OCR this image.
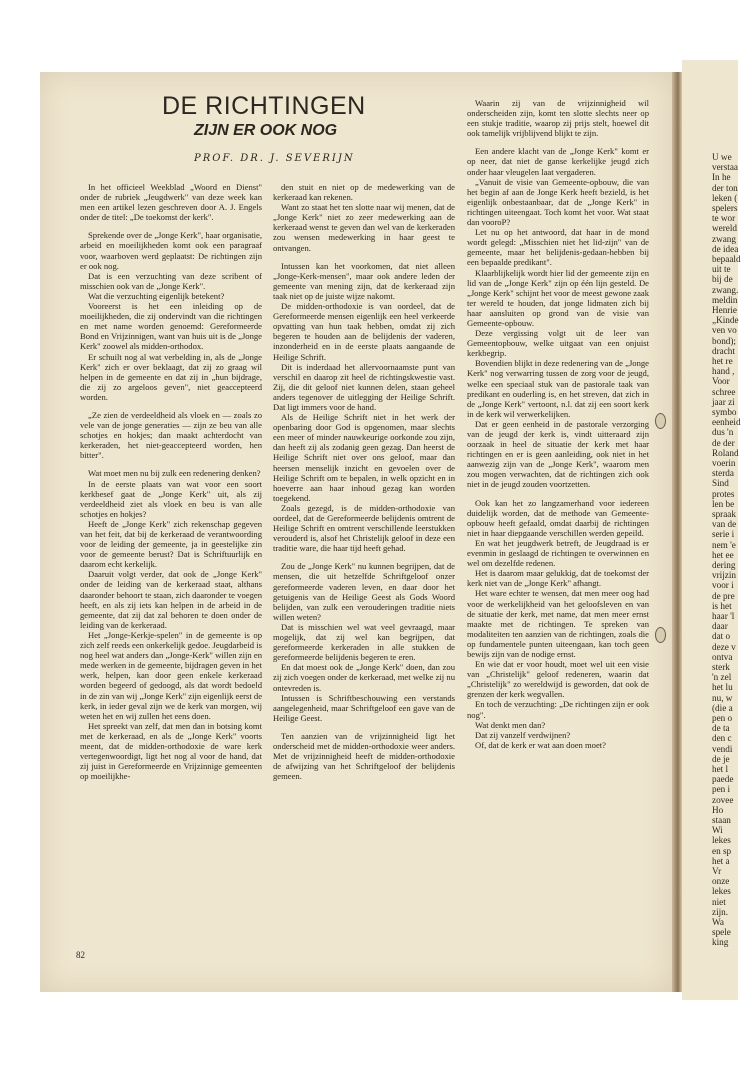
U we
verstaa
In he
der ton
leken (
spelers
te wor
wereld
zwang
de idea
bepaald
uit te
bij de
zwang.
meldin
Henrie
„Kinde
ven vo
bond);
dracht
het re
hand ,
Voor
schree
jaar zi
symbo
eenheid
dus 'n
de der
Roland
voerin
sterda
Sind
protes
len be
spraak
van de
serie i
nem 'e
het ee
dering
vrijzin
voor i
de pre
is het
haar 'l
daar
dat o
deze v
ontva
sterk
'n zel
het lu
nu, w
(die a
pen o
de ta
den c
vendi
de je
het l
paede
pen i
zovee
Ho
staan
Wi
lekes
en sp
het a
Vr
onze
lekes
niet
zijn.
Wa
spele
king
DE RICHTINGEN
ZIJN ER OOK NOG
PROF. DR. J. SEVERIJN

In het officieel Weekblad „Woord en Dienst" onder de rubriek „Jeugdwerk" van deze week kan men een artikel lezen geschreven door A. J. Engels onder de titel: „De toekomst der kerk".

Sprekende over de „Jonge Kerk", haar organisatie, arbeid en moeilijkheden komt ook een paragraaf voor, waarboven werd geplaatst: De richtingen zijn er ook nog.

Dat is een verzuchting van deze scribent of misschien ook van de „Jonge Kerk".

Wat die verzuchting eigenlijk betekent?

Vooreerst is het een inleiding op de moeilijkheden, die zij ondervindt van die richtingen en met name worden genoemd: Gereformeerde Bond en Vrijzinnigen, want van huis uit is de „Jonge Kerk" zoowel als midden-orthodox.

Er schuilt nog al wat verbelding in, als de „Jonge Kerk" zich er over beklaagt, dat zij zo graag wil helpen in de gemeente en dat zij in „hun bijdrage, die zij zo argeloos geven", niet geaccepteerd worden.

„Ze zien de verdeeldheid als vloek en — zoals zo vele van de jonge generaties — zijn ze beu van alle schotjes en hokjes; dan maakt achterdocht van kerkeraden, het niet-geaccepteerd worden, hen bitter".

Wat moet men nu bij zulk een redenering denken?

In de eerste plaats van wat voor een soort kerkbesef gaat de „Jonge Kerk" uit, als zij verdeeldheid ziet als vloek en beu is van alle schotjes en hokjes?

Heeft de „Jonge Kerk" zich rekenschap gegeven van het feit, dat bij de kerkeraad de verantwoording voor de leiding der gemeente, ja in geestelijke zin voor de gemeente berust? Dat is Schriftuurlijk en daarom echt kerkelijk.

Daaruit volgt verder, dat ook de „Jonge Kerk" onder de leiding van de kerkeraad staat, althans daaronder behoort te staan, zich daaronder te voegen heeft, en als zij iets kan helpen in de arbeid in de gemeente, dat zij dat zal behoren te doen onder de leiding van de kerkeraad.

Het „Jonge-Kerkje-spelen" in de gemeente is op zich zelf reeds een onkerkelijk gedoe. Jeugdarbeid is nog heel wat anders dan „Jonge-Kerk" willen zijn en mede werken in de gemeente, bijdragen geven in het werk, helpen, kan door geen enkele kerkeraad worden begeerd of gedoogd, als dat wordt bedoeld in de zin van wij „Jonge Kerk" zijn eigenlijk eerst de kerk, in ieder geval zijn we de kerk van morgen, wij weten het en wij zullen het eens doen.

Het spreekt van zelf, dat men dan in botsing komt met de kerkeraad, en als de „Jonge Kerk" voorts meent, dat de midden-orthodoxie de ware kerk vertegenwoordigt, ligt het nog al voor de hand, dat zij juist in Gereformeerde en Vrijzinnige gemeenten op moeilijkhe-

den stuit en niet op de medewerking van de kerkeraad kan rekenen.

Want zo staat het ten slotte naar wij menen, dat de „Jonge Kerk" niet zo zeer medewerking aan de kerkeraad wenst te geven dan wel van de kerkeraden zou wensen medewerking in haar geest te ontvangen.

Intussen kan het voorkomen, dat niet alleen „Jonge-Kerk-mensen", maar ook andere leden der gemeente van mening zijn, dat de kerkeraad zijn taak niet op de juiste wijze nakomt.

De midden-orthodoxie is van oordeel, dat de Gereformeerde mensen eigenlijk een heel verkeerde opvatting van hun taak hebben, omdat zij zich begeren te houden aan de belijdenis der vaderen, inzonderheid en in de eerste plaats aangaande de Heilige Schrift.

Dit is inderdaad het allervoornaamste punt van verschil en daarop zit heel de richtingskwestie vast. Zij, die dit geloof niet kunnen delen, staan geheel anders tegenover de uitlegging der Heilige Schrift. Dat ligt immers voor de hand.

Als de Heilige Schrift niet in het werk der openbaring door God is opgenomen, maar slechts een meer of minder nauwkeurige oorkonde zou zijn, dan heeft zij als zodanig geen gezag. Dan heerst de Heilige Schrift niet over ons geloof, maar dan heersen menselijk inzicht en gevoelen over de Heilige Schrift om te bepalen, in welk opzicht en in hoeverre aan haar inhoud gezag kan worden toegekend.

Zoals gezegd, is de midden-orthodoxie van oordeel, dat de Gereformeerde belijdenis omtrent de Heilige Schrift en omtrent verschillende leerstukken verouderd is, alsof het Christelijk geloof in deze een traditie ware, die haar tijd heeft gehad.

Zou de „Jonge Kerk" nu kunnen begrijpen, dat de mensen, die uit hetzelfde Schriftgeloof onzer gereformeerde vaderen leven, en daar door het getuigenis van de Heilige Geest als Gods Woord belijden, van zulk een verouderingen traditie niets willen weten?

Dat is misschien wel wat veel gevraagd, maar mogelijk, dat zij wel kan begrijpen, dat gereformeerde kerkeraden in alle stukken de gereformeerde belijdenis begeren te eren.

En dat moest ook de „Jonge Kerk" doen, dan zou zij zich voegen onder de kerkeraad, met welke zij nu ontevreden is.

Intussen is Schriftbeschouwing een verstands aangelegenheid, maar Schriftgeloof een gave van de Heilige Geest.

Ten aanzien van de vrijzinnigheid ligt het onderscheid met de midden-orthodoxie weer anders. Met de vrijzinnigheid heeft de midden-orthodoxie de afwijzing van het Schriftgeloof der belijdenis gemeen.

Waarin zij van de vrijzinnigheid wil onderscheiden zijn, komt ten slotte slechts neer op een stukje traditie, waarop zij prijs stelt, hoewel dit ook tamelijk vrijblijvend blijkt te zijn.

Een andere klacht van de „Jonge Kerk" komt er op neer, dat niet de ganse kerkelijke jeugd zich onder haar vleugelen laat vergaderen.

„Vanuit de visie van Gemeente-opbouw, die van het begin af aan de Jonge Kerk heeft bezield, is het eigenlijk onbestaanbaar, dat de „Jonge Kerk" in richtingen uiteengaat. Toch komt het voor. Wat staat dan vooroP?

Let nu op het antwoord, dat haar in de mond wordt gelegd: „Misschien niet het lid-zijn" van de gemeente, maar het belijdenis-gedaan-hebben bij een bepaalde predikant".

Klaarblijkelijk wordt hier lid der gemeente zijn en lid van de „Jonge Kerk" zijn op één lijn gesteld. De „Jonge Kerk" schijnt het voor de meest gewone zaak ter wereld te houden, dat jonge lidmaten zich bij haar aansluiten op grond van de visie van Gemeente-opbouw.

Deze vergissing volgt uit de leer van Gemeentopbouw, welke uitgaat van een onjuist kerkbegrip.

Bovendien blijkt in deze redenering van de „Jonge Kerk" nog verwarring tussen de zorg voor de jeugd, welke een speciaal stuk van de pastorale taak van predikant en ouderling is, en het streven, dat zich in de „Jonge Kerk" vertoont, n.l. dat zij een soort kerk in de kerk wil verwerkelijken.

Dat er geen eenheid in de pastorale verzorging van de jeugd der kerk is, vindt uitteraard zijn oorzaak in heel de situatie der kerk met haar richtingen en er is geen aanleiding, ook niet in het aanwezig zijn van de „Jonge Kerk", waarom men zou mogen verwachten, dat de richtingen zich ook niet in de jeugd zouden voortzetten.

Ook kan het zo langzamerhand voor iedereen duidelijk worden, dat de methode van Gemeente-opbouw heeft gefaald, omdat daarbij de richtingen niet in haar diepgaande verschillen werden gepeild.

En wat het jeugdwerk betreft, de Jeugdraad is er evenmin in geslaagd de richtingen te overwinnen en wel om dezelfde redenen.

Het is daarom maar gelukkig, dat de toekomst der kerk niet van de „Jonge Kerk" afhangt.

Het ware echter te wensen, dat men meer oog had voor de werkelijkheid van het geloofsleven en van de situatie der kerk, met name, dat men meer ernst maakte met de richtingen. Te spreken van modaliteiten ten aanzien van de richtingen, zoals die op fundamentele punten uiteengaan, kan toch geen bewijs zijn van de nodige ernst.

En wie dat er voor houdt, moet wel uit een visie van „Christelijk" geloof redeneren, waarin dat „Christelijk" zo wereldwijd is geworden, dat ook de grenzen der kerk wegvallen.

En toch de verzuchting: „De richtingen zijn er ook nog".

Wat denkt men dan?

Dat zij vanzelf verdwijnen?

Of, dat de kerk er wat aan doen moet?

82
